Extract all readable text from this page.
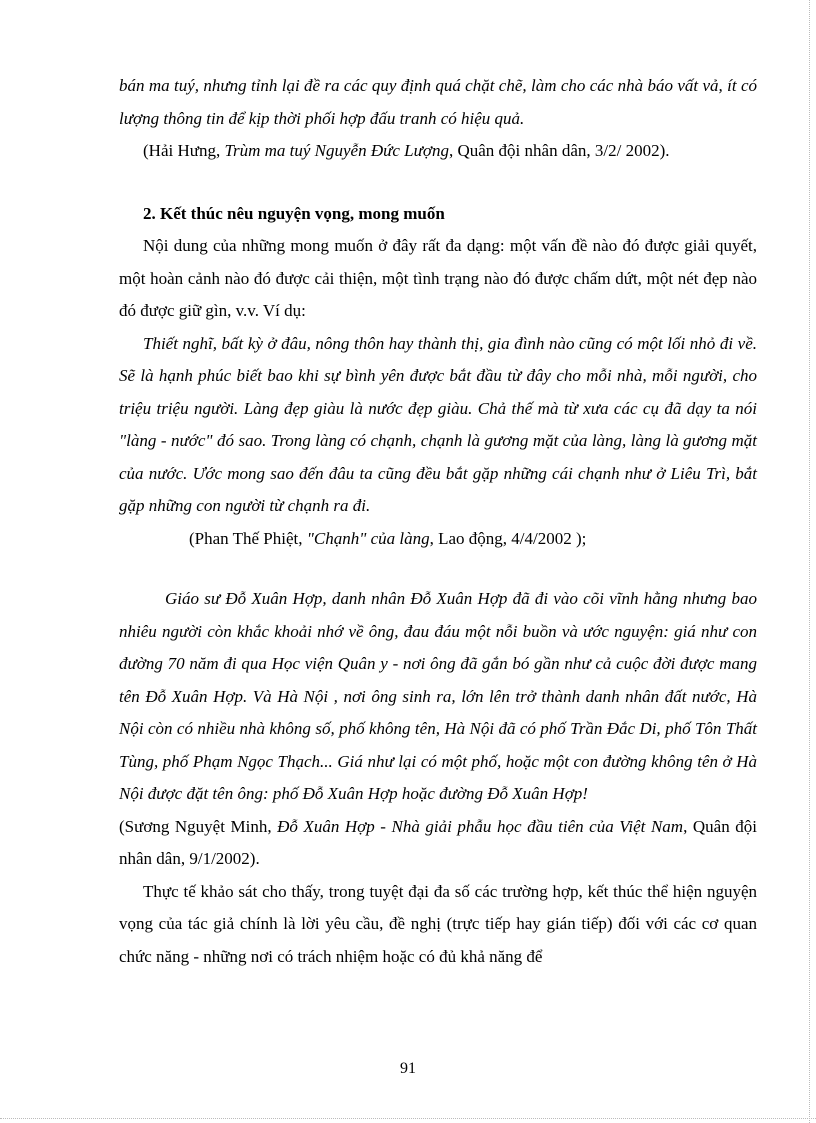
bán ma tuý, nhưng tỉnh lại đề ra các quy định quá chặt chẽ, làm cho các nhà báo vất vả, ít có lượng thông tin để kịp thời phối hợp đấu tranh có hiệu quả.

(Hải Hưng, Trùm ma tuý Nguyễn Đức Lượng, Quân đội nhân dân, 3/2/ 2002).

2. Kết thúc nêu nguyện vọng, mong muốn

Nội dung của những mong muốn ở đây rất đa dạng: một vấn đề nào đó được giải quyết, một hoàn cảnh nào đó được cải thiện, một tình trạng nào đó được chấm dứt, một nét đẹp nào đó được giữ gìn, v.v. Ví dụ:

Thiết nghĩ, bất kỳ ở đâu, nông thôn hay thành thị, gia đình nào cũng có một lối nhỏ đi về. Sẽ là hạnh phúc biết bao khi sự bình yên được bắt đầu từ đây cho mỗi nhà, mỗi người, cho triệu triệu người. Làng đẹp giàu là nước đẹp giàu. Chả thế mà từ xưa các cụ đã dạy ta nói "làng - nước" đó sao. Trong làng có chạnh, chạnh là gương mặt của làng, làng là gương mặt của nước. Ước mong sao đến đâu ta cũng đều bắt gặp những cái chạnh như ở Liêu Trì, bắt gặp những con người từ chạnh ra đi.

(Phan Thế Phiệt, "Chạnh" của làng, Lao động, 4/4/2002 );

Giáo sư Đỗ Xuân Hợp, danh nhân Đỗ Xuân Hợp đã đi vào cõi vĩnh hằng nhưng bao nhiêu người còn khắc khoải nhớ về ông, đau đáu một nỗi buồn và ước nguyện: giá như con đường 70 năm đi qua Học viện Quân y - nơi ông đã gắn bó gần như cả cuộc đời được mang tên Đỗ Xuân Hợp. Và Hà Nội , nơi ông sinh ra, lớn lên trở thành danh nhân đất nước, Hà Nội còn có nhiều nhà không số, phố không tên, Hà Nội đã có phố Trần Đắc Di, phố Tôn Thất Tùng, phố Phạm Ngọc Thạch... Giá như lại có một phố, hoặc một con đường không tên ở Hà Nội được đặt tên ông: phố Đỗ Xuân Hợp hoặc đường Đỗ Xuân Hợp!

(Sương Nguyệt Minh, Đỗ Xuân Hợp - Nhà giải phẫu học đầu tiên của Việt Nam, Quân đội nhân dân, 9/1/2002).

Thực tế khảo sát cho thấy, trong tuyệt đại đa số các trường hợp, kết thúc thể hiện nguyện vọng của tác giả chính là lời yêu cầu, đề nghị (trực tiếp hay gián tiếp) đối với các cơ quan chức năng - những nơi có trách nhiệm hoặc có đủ khả năng để

91
